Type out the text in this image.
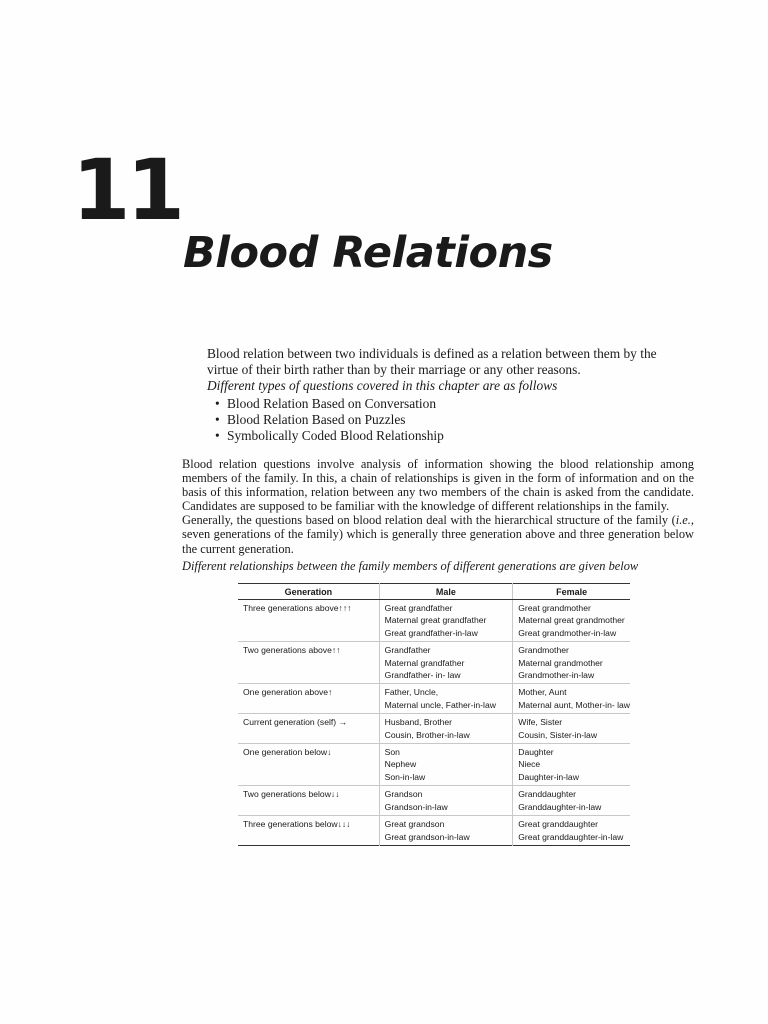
11
Blood Relations

Blood relation between two individuals is defined as a relation between them by the virtue of their birth rather than by their marriage or any other reasons.

Different types of questions covered in this chapter are as follows

• Blood Relation Based on Conversation
• Blood Relation Based on Puzzles
• Symbolically Coded Blood Relationship

Blood relation questions involve analysis of information showing the blood relationship among members of the family. In this, a chain of relationships is given in the form of information and on the basis of this information, relation between any two members of the chain is asked from the candidate. Candidates are supposed to be familiar with the knowledge of different relationships in the family.

Generally, the questions based on blood relation deal with the hierarchical structure of the family (i.e., seven generations of the family) which is generally three generation above and three generation below the current generation.

Different relationships between the family members of different generations are given below

Generation	Male	Female
Three generations above↑↑↑	Great grandfather
Maternal great grandfather
Great grandfather-in-law	Great grandmother
Maternal great grandmother
Great grandmother-in-law

Two generations above↑↑	Grandfather
Maternal grandfather
Grandfather- in- law	Grandmother
Maternal grandmother
Grandmother-in-law

One generation above↑	Father, Uncle,
Maternal uncle, Father-in-law	Mother, Aunt
Maternal aunt, Mother-in- law

Current generation (self) →	Husband, Brother
Cousin, Brother-in-law	Wife, Sister
Cousin, Sister-in-law

One generation below↓	Son
Nephew
Son-in-law	Daughter
Niece
Daughter-in-law

Two generations below↓↓	Grandson
Grandson-in-law	Granddaughter
Granddaughter-in-law

Three generations below↓↓↓	Great grandson
Great grandson-in-law	Great granddaughter
Great granddaughter-in-law
